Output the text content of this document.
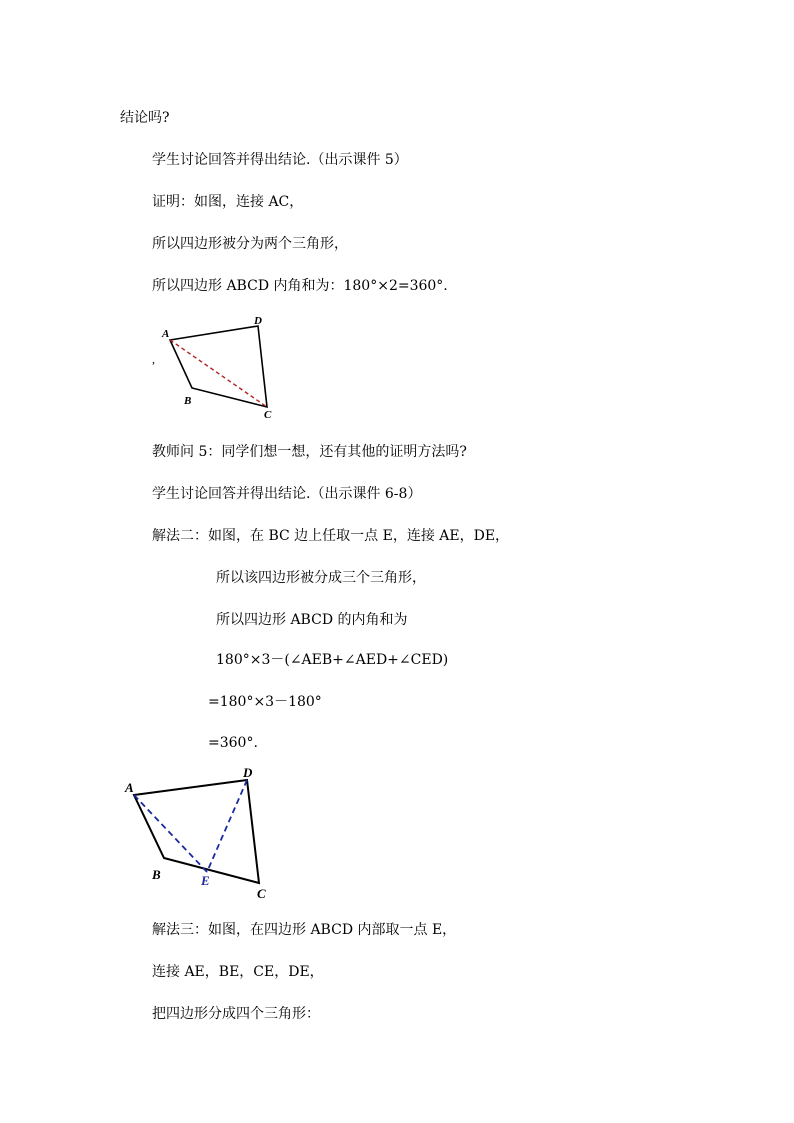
结论吗?
学生讨论回答并得出结论.（出示课件 5）
证明：如图，连接 AC，
所以四边形被分为两个三角形，
所以四边形 ABCD 内角和为：180°×2=360°.
A
D
B
C
,
教师问 5：同学们想一想，还有其他的证明方法吗?
学生讨论回答并得出结论.（出示课件 6-8）
解法二：如图，在 BC 边上任取一点 E，连接 AE，DE，
所以该四边形被分成三个三角形，
所以四边形 ABCD 的内角和为
180°×3－(∠AEB+∠AED+∠CED)
=180°×3－180°
=360°.
A
D
B	E
C
解法三：如图，在四边形 ABCD 内部取一点 E，
连接 AE，BE，CE，DE，
把四边形分成四个三角形：
